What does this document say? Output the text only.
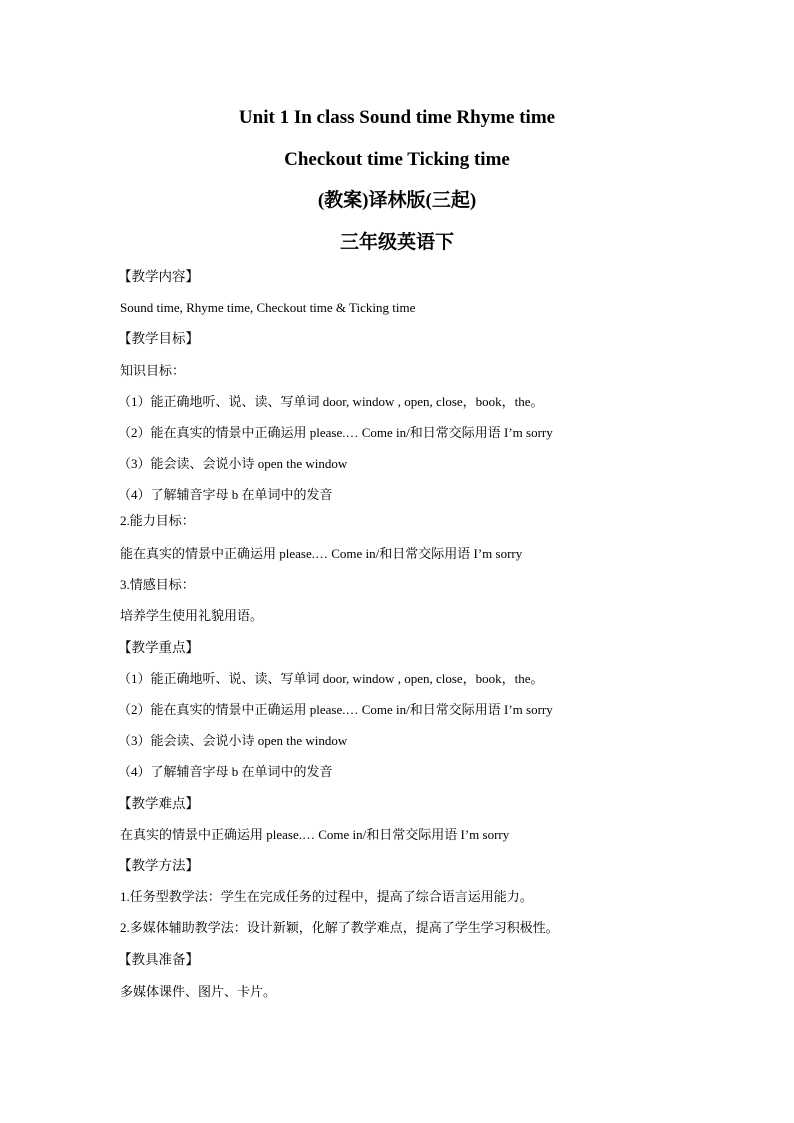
Unit 1 In class Sound time Rhyme time
Checkout time Ticking time
(教案)译林版(三起)
三年级英语下
【教学内容】
Sound time, Rhyme time, Checkout time & Ticking time
【教学目标】
知识目标：
（1）能正确地听、说、读、写单词 door, window , open, close，book，the。
（2）能在真实的情景中正确运用 please.… Come in/和日常交际用语 I’m sorry
（3）能会读、会说小诗 open the window
（4）了解辅音字母 b 在单词中的发音
2.能力目标：
能在真实的情景中正确运用 please.… Come in/和日常交际用语 I’m sorry
3.情感目标：
培养学生使用礼貌用语。
【教学重点】
（1）能正确地听、说、读、写单词 door, window , open, close，book，the。
（2）能在真实的情景中正确运用 please.… Come in/和日常交际用语 I’m sorry
（3）能会读、会说小诗 open the window
（4）了解辅音字母 b 在单词中的发音
【教学难点】
在真实的情景中正确运用 please.… Come in/和日常交际用语 I’m sorry
【教学方法】
1.任务型教学法：学生在完成任务的过程中，提高了综合语言运用能力。
2.多媒体辅助教学法：设计新颖，化解了教学难点，提高了学生学习积极性。
【教具准备】
多媒体课件、图片、卡片。
